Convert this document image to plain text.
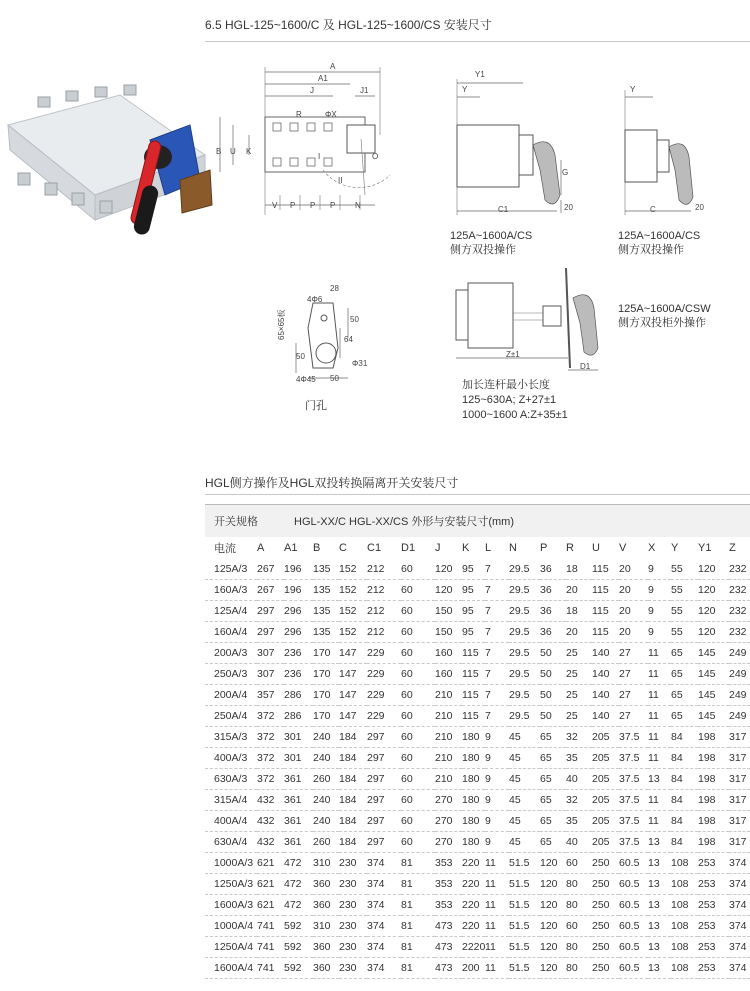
6.5 HGL-125~1600/C 及 HGL-125~1600/CS 安装尺寸
A
A1
J	J1
R	ΦX
B U K
O
I
II
V P P P N
Y1
Y
G
C1	20
125A~1600A/CS
侧方双投操作
Y
C	20
125A~1600A/CS
侧方双投操作
4Φ6
28
50
64
Φ31
50
4Φ45 50
65×65板
门孔
Z±1
D1
125A~1600A/CSW
侧方双投柜外操作
加长连杆最小长度
125~630A; Z+27±1
1000~1600 A:Z+35±1
HGL侧方操作及HGL双投转换隔离开关安装尺寸
开关规格	HGL-XX/C HGL-XX/CS 外形与安装尺寸(mm)
电流	A	A1	B	C	C1	D1	J	K	L	N	P	R	U	V	X	Y	Y1	Z
125A/3	267	196	135	152	212	60	120	95	7	29.5	36	18	115	20	9	55	120	232
160A/3	267	196	135	152	212	60	120	95	7	29.5	36	20	115	20	9	55	120	232
125A/4	297	296	135	152	212	60	150	95	7	29.5	36	18	115	20	9	55	120	232
160A/4	297	296	135	152	212	60	150	95	7	29.5	36	20	115	20	9	55	120	232
200A/3	307	236	170	147	229	60	160	115	7	29.5	50	25	140	27	11	65	145	249
250A/3	307	236	170	147	229	60	160	115	7	29.5	50	25	140	27	11	65	145	249
200A/4	357	286	170	147	229	60	210	115	7	29.5	50	25	140	27	11	65	145	249
250A/4	372	286	170	147	229	60	210	115	7	29.5	50	25	140	27	11	65	145	249
315A/3	372	301	240	184	297	60	210	180	9	45	65	32	205	37.5	11	84	198	317
400A/3	372	301	240	184	297	60	210	180	9	45	65	35	205	37.5	11	84	198	317
630A/3	372	361	260	184	297	60	210	180	9	45	65	40	205	37.5	13	84	198	317
315A/4	432	361	240	184	297	60	270	180	9	45	65	32	205	37.5	11	84	198	317
400A/4	432	361	240	184	297	60	270	180	9	45	65	35	205	37.5	11	84	198	317
630A/4	432	361	260	184	297	60	270	180	9	45	65	40	205	37.5	13	84	198	317
1000A/3	621	472	310	230	374	81	353	220	11	51.5	120	60	250	60.5	13	108	253	374
1250A/3	621	472	360	230	374	81	353	220	11	51.5	120	80	250	60.5	13	108	253	374
1600A/3	621	472	360	230	374	81	353	220	11	51.5	120	80	250	60.5	13	108	253	374
1000A/4	741	592	310	230	374	81	473	220	11	51.5	120	60	250	60.5	13	108	253	374
1250A/4	741	592	360	230	374	81	473	2220	11	51.5	120	80	250	60.5	13	108	253	374
1600A/4	741	592	360	230	374	81	473	200	11	51.5	120	80	250	60.5	13	108	253	374
